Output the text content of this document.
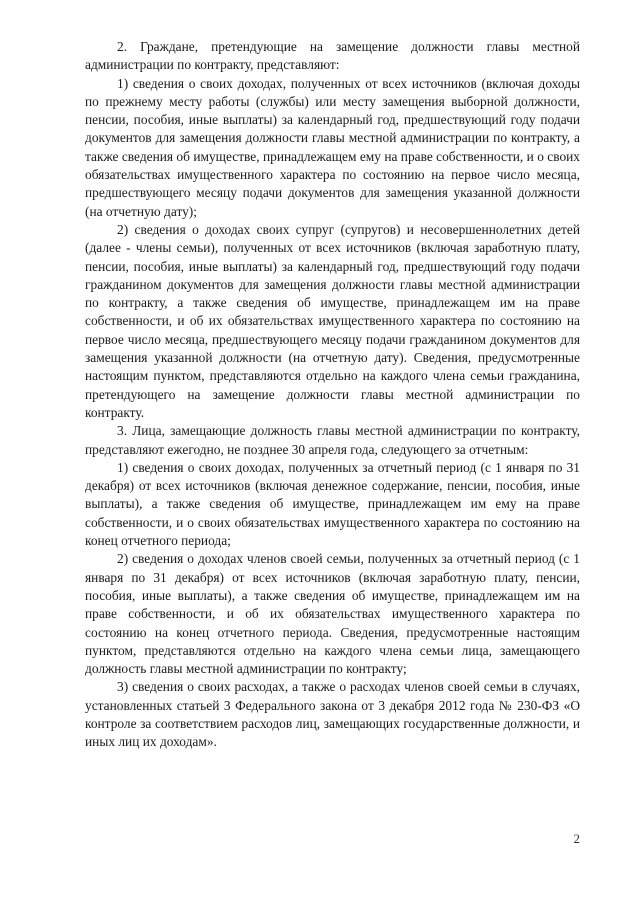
2. Граждане, претендующие на замещение должности главы местной администрации по контракту, представляют:

1) сведения о своих доходах, полученных от всех источников (включая доходы по прежнему месту работы (службы) или месту замещения выборной должности, пенсии, пособия, иные выплаты) за календарный год, предшествующий году подачи документов для замещения должности главы местной администрации по контракту, а также сведения об имуществе, принадлежащем ему на праве собственности, и о своих обязательствах имущественного характера по состоянию на первое число месяца, предшествующего месяцу подачи документов для замещения указанной должности (на отчетную дату);

2) сведения о доходах своих супруг (супругов) и несовершеннолетних детей (далее - члены семьи), полученных от всех источников (включая заработную плату, пенсии, пособия, иные выплаты) за календарный год, предшествующий году подачи гражданином документов для замещения должности главы местной администрации по контракту, а также сведения об имуществе, принадлежащем им на праве собственности, и об их обязательствах имущественного характера по состоянию на первое число месяца, предшествующего месяцу подачи гражданином документов для замещения указанной должности (на отчетную дату). Сведения, предусмотренные настоящим пунктом, представляются отдельно на каждого члена семьи гражданина, претендующего на замещение должности главы местной администрации по контракту.

3. Лица, замещающие должность главы местной администрации по контракту, представляют ежегодно, не позднее 30 апреля года, следующего за отчетным:

1) сведения о своих доходах, полученных за отчетный период (с 1 января по 31 декабря) от всех источников (включая денежное содержание, пенсии, пособия, иные выплаты), а также сведения об имуществе, принадлежащем им ему на праве собственности, и о своих обязательствах имущественного характера по состоянию на конец отчетного периода;

2) сведения о доходах членов своей семьи, полученных за отчетный период (с 1 января по 31 декабря) от всех источников (включая заработную плату, пенсии, пособия, иные выплаты), а также сведения об имуществе, принадлежащем им на праве собственности, и об их обязательствах имущественного характера по состоянию на конец отчетного периода. Сведения, предусмотренные настоящим пунктом, представляются отдельно на каждого члена семьи лица, замещающего должность главы местной администрации по контракту;

3) сведения о своих расходах, а также о расходах членов своей семьи в случаях, установленных статьей 3 Федерального закона от 3 декабря 2012 года № 230-ФЗ «О контроле за соответствием расходов лиц, замещающих государственные должности, и иных лиц их доходам».

2
